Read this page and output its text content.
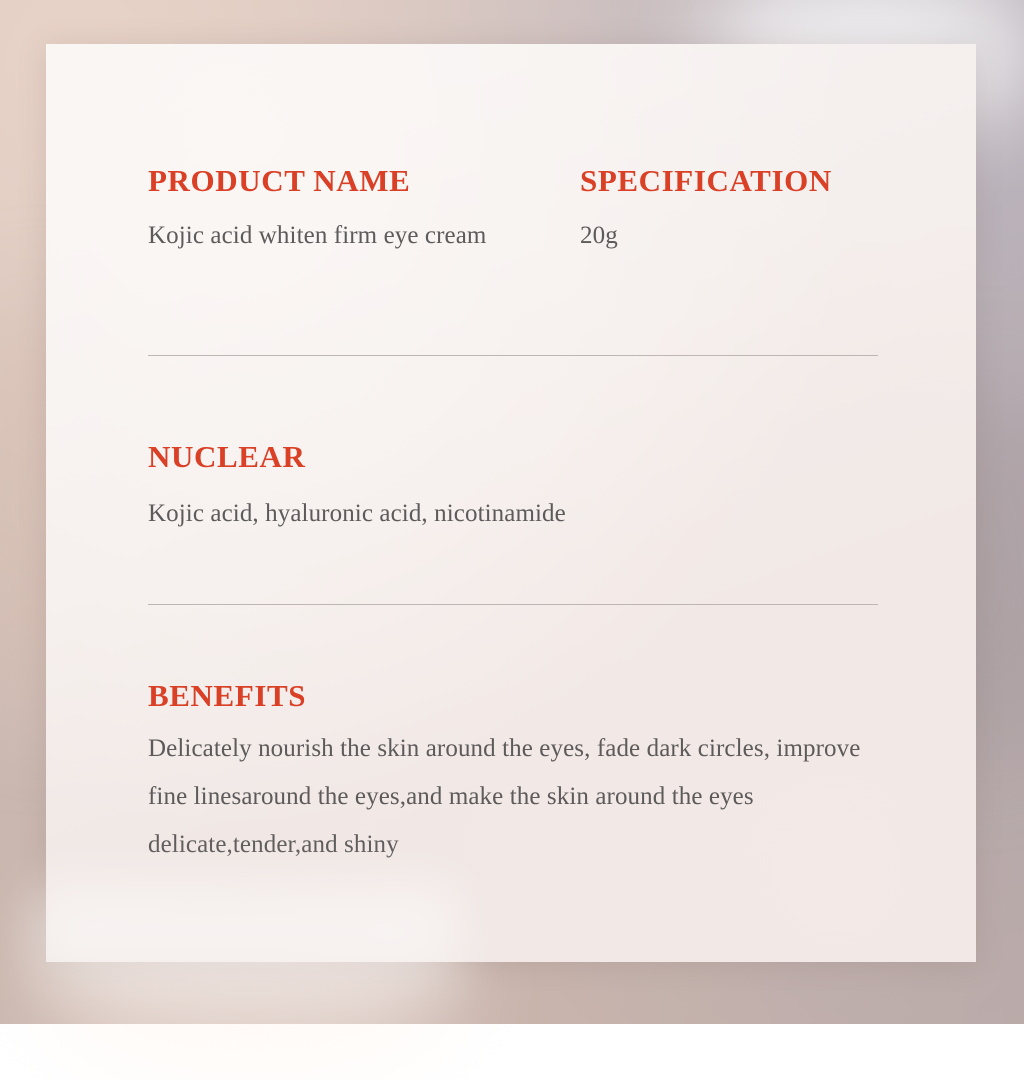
PRODUCT NAME

Kojic acid whiten firm eye cream

SPECIFICATION

20g

NUCLEAR

Kojic acid, hyaluronic acid, nicotinamide

BENEFITS

Delicately nourish the skin around the eyes, fade dark circles, improve fine linesaround the eyes,and make the skin around the eyes delicate,tender,and shiny
